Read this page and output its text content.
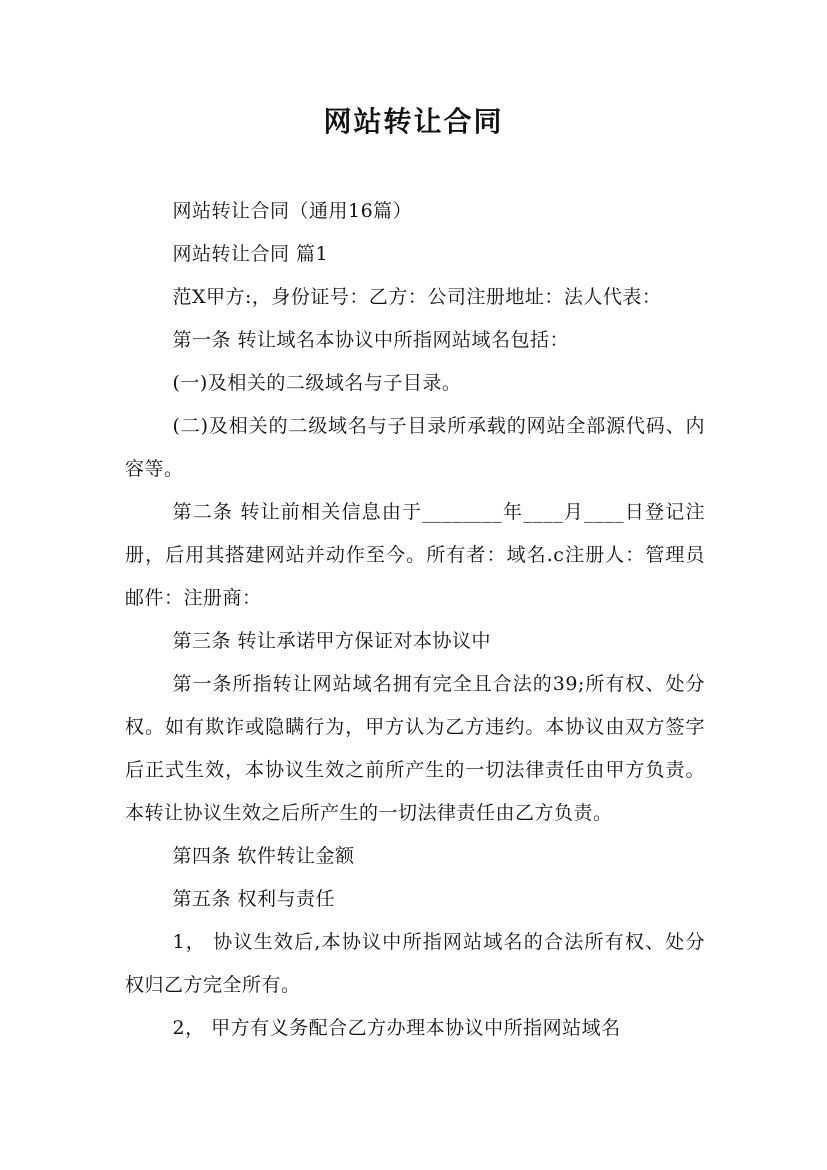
网站转让合同

网站转让合同（通用16篇）

网站转让合同 篇1

范X甲方:，身份证号：乙方：公司注册地址：法人代表：

第一条 转让域名本协议中所指网站域名包括：

(一)及相关的二级域名与子目录。

(二)及相关的二级域名与子目录所承载的网站全部源代码、内容等。

第二条 转让前相关信息由于________年____月____日登记注册，后用其搭建网站并动作至今。所有者：域名.c注册人：管理员邮件：注册商：

第三条 转让承诺甲方保证对本协议中

第一条所指转让网站域名拥有完全且合法的39;所有权、处分权。如有欺诈或隐瞒行为，甲方认为乙方违约。本协议由双方签字后正式生效，本协议生效之前所产生的一切法律责任由甲方负责。本转让协议生效之后所产生的一切法律责任由乙方负责。

第四条 软件转让金额

第五条 权利与责任

1， 协议生效后,本协议中所指网站域名的合法所有权、处分权归乙方完全所有。

2， 甲方有义务配合乙方办理本协议中所指网站域名
